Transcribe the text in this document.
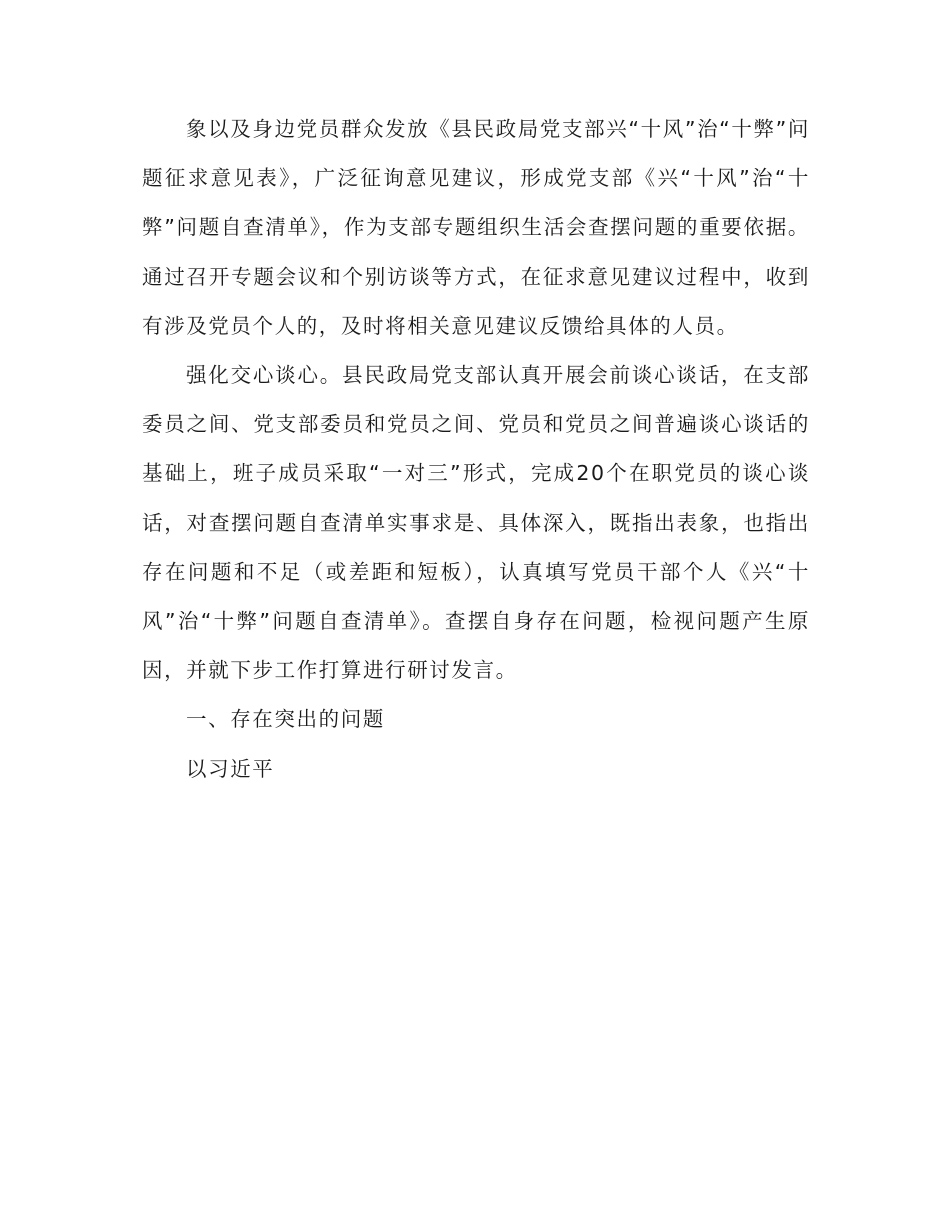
象以及身边党员群众发放《县民政局党支部兴“十风”治“十弊”问题征求意见表》，广泛征询意见建议，形成党支部《兴“十风”治“十弊”问题自查清单》，作为支部专题组织生活会查摆问题的重要依据。通过召开专题会议和个别访谈等方式，在征求意见建议过程中，收到有涉及党员个人的，及时将相关意见建议反馈给具体的人员。

强化交心谈心。县民政局党支部认真开展会前谈心谈话，在支部委员之间、党支部委员和党员之间、党员和党员之间普遍谈心谈话的基础上，班子成员采取“一对三”形式，完成20个在职党员的谈心谈话，对查摆问题自查清单实事求是、具体深入，既指出表象，也指出存在问题和不足（或差距和短板），认真填写党员干部个人《兴“十风”治“十弊”问题自查清单》。查摆自身存在问题，检视问题产生原因，并就下步工作打算进行研讨发言。

一、存在突出的问题

以习近平
